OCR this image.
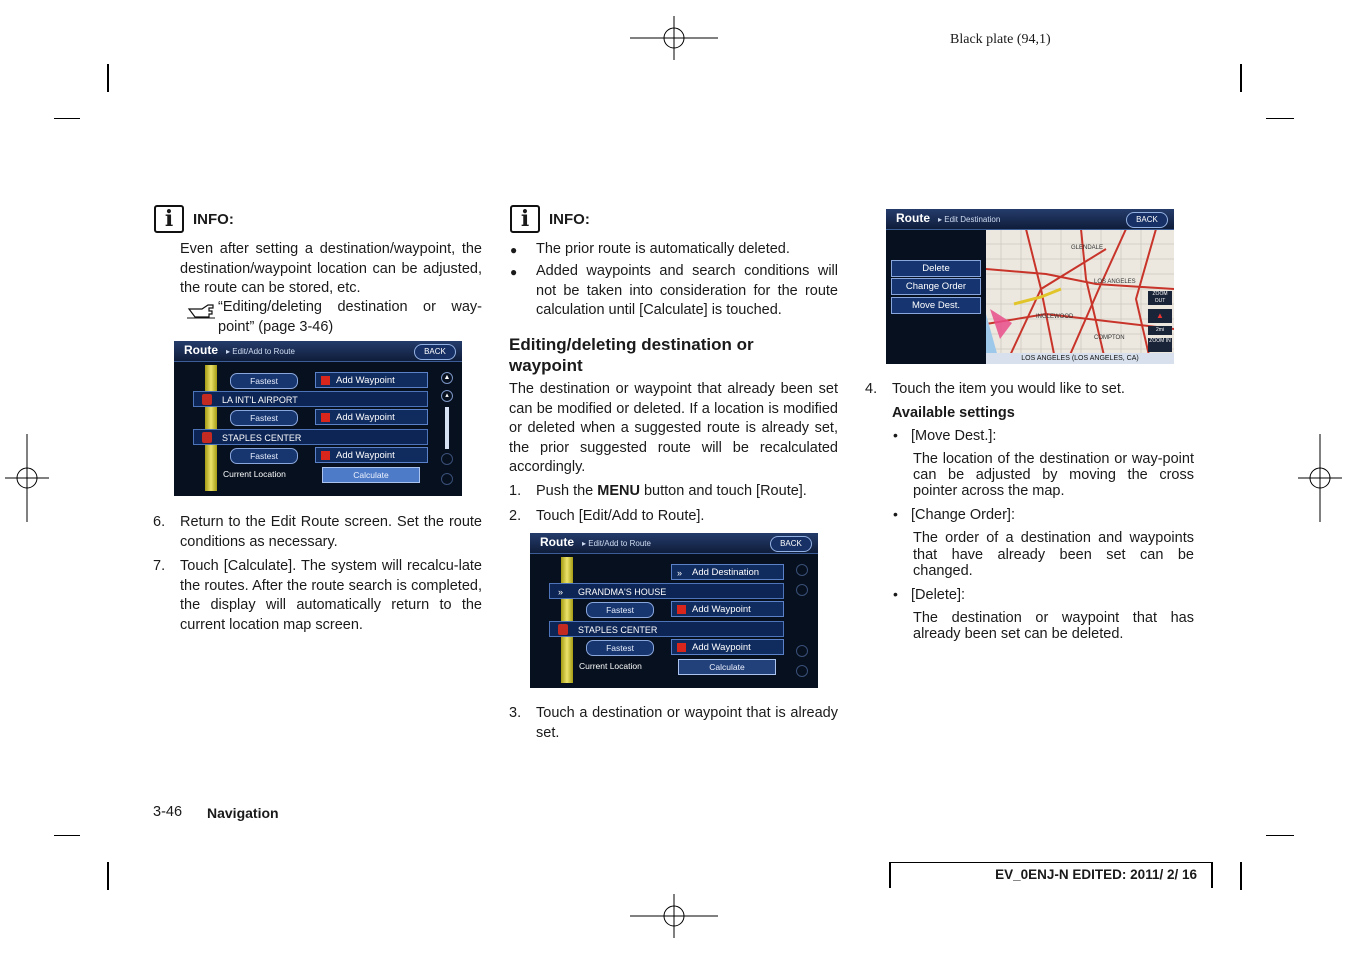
Black plate (94,1)
i	INFO:
Even after setting a destination/waypoint, the destination/waypoint location can be adjusted, the route can be stored, etc.
“Editing/deleting destination or way-point” (page 3-46)
Route ▸ Edit/Add to Route	BACK
Fastest	Add Waypoint
LA INT'L AIRPORT
Fastest	Add Waypoint
STAPLES CENTER
Fastest	Add Waypoint
Current Location	Calculate
▲
▴
6.	Return to the Edit Route screen. Set the route conditions as necessary.
7.	Touch [Calculate]. The system will recalcu-late the routes. After the route search is completed, the display will automatically return to the current location map screen.
i	INFO:
● The prior route is automatically deleted.
● Added waypoints and search conditions will not be taken into consideration for the route calculation until [Calculate] is touched.
Editing/deleting destination or waypoint
The destination or waypoint that already been set can be modified or deleted. If a location is modified or deleted when a suggested route is already set, the prior suggested route will be recalculated accordingly.
1.	Push the MENU button and touch [Route].
2.	Touch [Edit/Add to Route].
Route ▸ Edit/Add to Route	BACK
» Add Destination
» GRANDMA'S HOUSE
Fastest	Add Waypoint
STAPLES CENTER
Fastest	Add Waypoint
Current Location	Calculate
3.	Touch a destination or waypoint that is already set.
GLENDALE
LOS ANGELES
INGLEWOOD
COMPTON
ZOOM OUT
▲
2mi
ZOOM IN
LOS ANGELES (LOS ANGELES, CA)
Route ▸ Edit Destination	BACK
Delete
Change Order
Move Dest.
4.	Touch the item you would like to set.
Available settings
• [Move Dest.]:
The location of the destination or way-point can be adjusted by moving the cross pointer across the map.
• [Change Order]:
The order of a destination and waypoints that have already been set can be changed.
• [Delete]:
The destination or waypoint that has already been set can be deleted.
3-46 Navigation
EV_0ENJ-N EDITED: 2011/ 2/ 16
